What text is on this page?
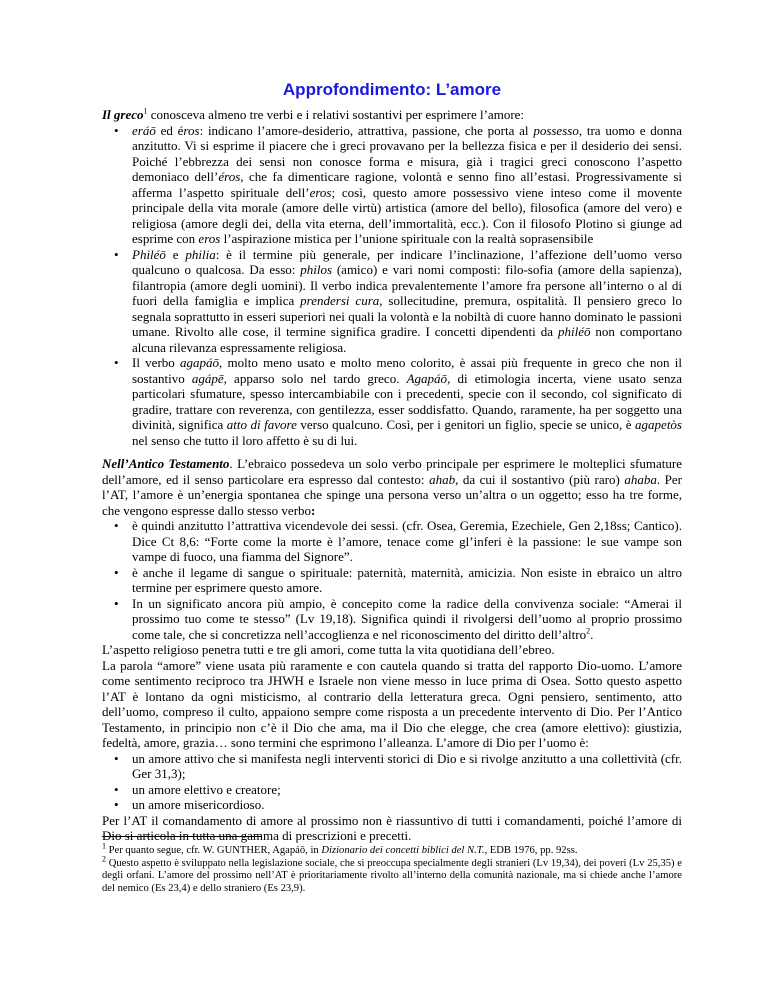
Approfondimento: L’amore

Il greco$^1$ conosceva almeno tre verbi e i relativi sostantivi per esprimere l’amore:

• eráō ed éros: indicano l’amore-desiderio, attrattiva, passione, che porta al possesso, tra uomo e donna anzitutto. Vi si esprime il piacere che i greci provavano per la bellezza fisica e per il desiderio dei sensi. Poiché l’ebbrezza dei sensi non conosce forma e misura, già i tragici greci conoscono l’aspetto demoniaco dell’éros, che fa dimenticare ragione, volontà e senno fino all’estasi. Progressivamente si afferma l’aspetto spirituale dell’eros; così, questo amore possessivo viene inteso come il movente principale della vita morale (amore delle virtù) artistica (amore del bello), filosofica (amore del vero) e religiosa (amore degli dei, della vita eterna, dell’immortalità, ecc.). Con il filosofo Plotino si giunge ad esprime con eros l’aspirazione mistica per l’unione spirituale con la realtà soprasensibile
• Philéō e philia: è il termine più generale, per indicare l’inclinazione, l’affezione dell’uomo verso qualcuno o qualcosa. Da esso: philos (amico) e vari nomi composti: filo-sofia (amore della sapienza), filantropia (amore degli uomini). Il verbo indica prevalentemente l’amore fra persone all’interno o al di fuori della famiglia e implica prendersi cura, sollecitudine, premura, ospitalità. Il pensiero greco lo segnala soprattutto in esseri superiori nei quali la volontà e la nobiltà di cuore hanno dominato le passioni umane. Rivolto alle cose, il termine significa gradire. I concetti dipendenti da philéō non comportano alcuna rilevanza espressamente religiosa.
• Il verbo agapáō, molto meno usato e molto meno colorito, è assai più frequente in greco che non il sostantivo agápē, apparso solo nel tardo greco. Agapáō, di etimologia incerta, viene usato senza particolari sfumature, spesso intercambiabile con i precedenti, specie con il secondo, col significato di gradire, trattare con reverenza, con gentilezza, esser soddisfatto. Quando, raramente, ha per soggetto una divinità, significa atto di favore verso qualcuno. Così, per i genitori un figlio, specie se unico, è agapetòs nel senso che tutto il loro affetto è su di lui.

Nell’Antico Testamento. L’ebraico possedeva un solo verbo principale per esprimere le molteplici sfumature dell’amore, ed il senso particolare era espresso dal contesto: ahab, da cui il sostantivo (più raro) ahaba. Per l’AT, l’amore è un’energia spontanea che spinge una persona verso un’altra o un oggetto; esso ha tre forme, che vengono espresse dallo stesso verbo:

• è quindi anzitutto l’attrattiva vicendevole dei sessi. (cfr. Osea, Geremia, Ezechiele, Gen 2,18ss; Cantico). Dice Ct 8,6: “Forte come la morte è l’amore, tenace come gl’inferi è la passione: le sue vampe son vampe di fuoco, una fiamma del Signore”.
• è anche il legame di sangue o spirituale: paternità, maternità, amicizia. Non esiste in ebraico un altro termine per esprimere questo amore.
• In un significato ancora più ampio, è concepito come la radice della convivenza sociale: “Amerai il prossimo tuo come te stesso” (Lv 19,18). Significa quindi il rivolgersi dell’uomo al proprio prossimo come tale, che si concretizza nell’accoglienza e nel riconoscimento del diritto dell’altro$^2$.

L’aspetto religioso penetra tutti e tre gli amori, come tutta la vita quotidiana dell’ebreo.

La parola “amore” viene usata più raramente e con cautela quando si tratta del rapporto Dio-uomo. L’amore come sentimento reciproco tra JHWH e Israele non viene messo in luce prima di Osea. Sotto questo aspetto l’AT è lontano da ogni misticismo, al contrario della letteratura greca. Ogni pensiero, sentimento, atto dell’uomo, compreso il culto, appaiono sempre come risposta a un precedente intervento di Dio. Per l’Antico Testamento, in principio non c’è il Dio che ama, ma il Dio che elegge, che crea (amore elettivo): giustizia, fedeltà, amore, grazia… sono termini che esprimono l’alleanza. L’amore di Dio per l’uomo è:

• un amore attivo che si manifesta negli interventi storici di Dio e si rivolge anzitutto a una collettività (cfr. Ger 31,3);
• un amore elettivo e creatore;
• un amore misericordioso.

Per l’AT il comandamento di amore al prossimo non è riassuntivo di tutti i comandamenti, poiché l’amore di Dio si articola in tutta una gamma di prescrizioni e precetti.

$^1$ Per quanto segue, cfr. W. GUNTHER, Agapáō, in Dizionario dei concetti biblici del N.T., EDB 1976, pp. 92ss.

$^2$ Questo aspetto è sviluppato nella legislazione sociale, che si preoccupa specialmente degli stranieri (Lv 19,34), dei poveri (Lv 25,35) e degli orfani. L’amore del prossimo nell’AT è prioritariamente rivolto all’interno della comunità nazionale, ma si chiede anche l’amore del nemico (Es 23,4) e dello straniero (Es 23,9).
